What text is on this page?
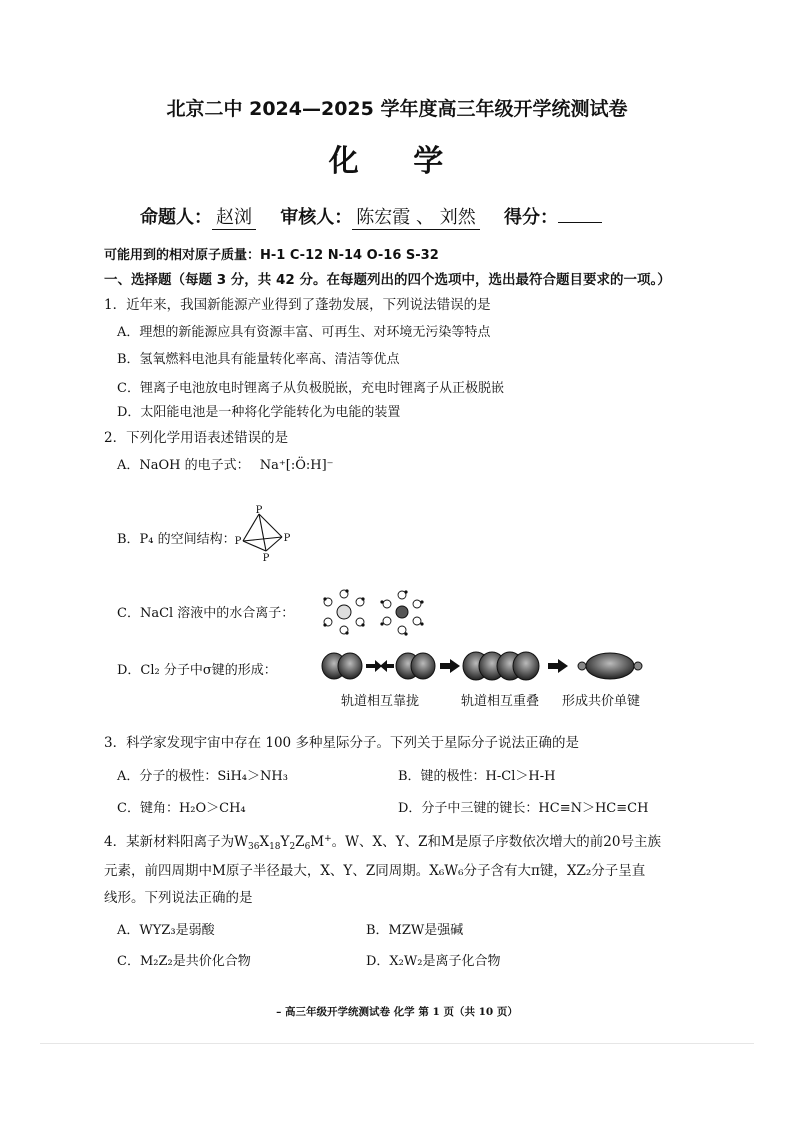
北京二中 2024—2025 学年度高三年级开学统测试卷
化 学
命题人： 赵浏 审核人： 陈宏霞 、 刘然 得分：
可能用到的相对原子质量：H-1 C-12 N-14 O-16 S-32
一、选择题（每题 3 分，共 42 分。在每题列出的四个选项中，选出最符合题目要求的一项。）
1．近年来，我国新能源产业得到了蓬勃发展，下列说法错误的是
A．理想的新能源应具有资源丰富、可再生、对环境无污染等特点
B．氢氧燃料电池具有能量转化率高、清洁等优点
C．锂离子电池放电时锂离子从负极脱嵌，充电时锂离子从正极脱嵌
D．太阳能电池是一种将化学能转化为电能的装置
2．下列化学用语表述错误的是
A．NaOH 的电子式： Na⁺[:Ö:H]⁻
B．P₄ 的空间结构：
P
P	P
P
C．NaCl 溶液中的水合离子：
D．Cl₂ 分子中σ键的形成：
轨道相互靠拢	轨道相互重叠 形成共价单键
3．科学家发现宇宙中存在 100 多种星际分子。下列关于星际分子说法正确的是
A．分子的极性：SiH₄＞NH₃	B．键的极性：H-Cl＞H-H
C．键角：H₂O＞CH₄	D．分子中三键的键长：HC≡N＞HC≡CH
4．某新材料阳离子为$W_{36}X_{18}Y_2Z_6M^+$。W、X、Y、Z和M是原子序数依次增大的前20号主族
元素，前四周期中M原子半径最大，X、Y、Z同周期。X₆W₆分子含有大π键，XZ₂分子呈直
线形。下列说法正确的是
A．WYZ₃是弱酸	B．MZW是强碱
C．M₂Z₂是共价化合物	D．X₂W₂是离子化合物
– 高三年级开学统测试卷 化学 第 1 页（共 10 页）
